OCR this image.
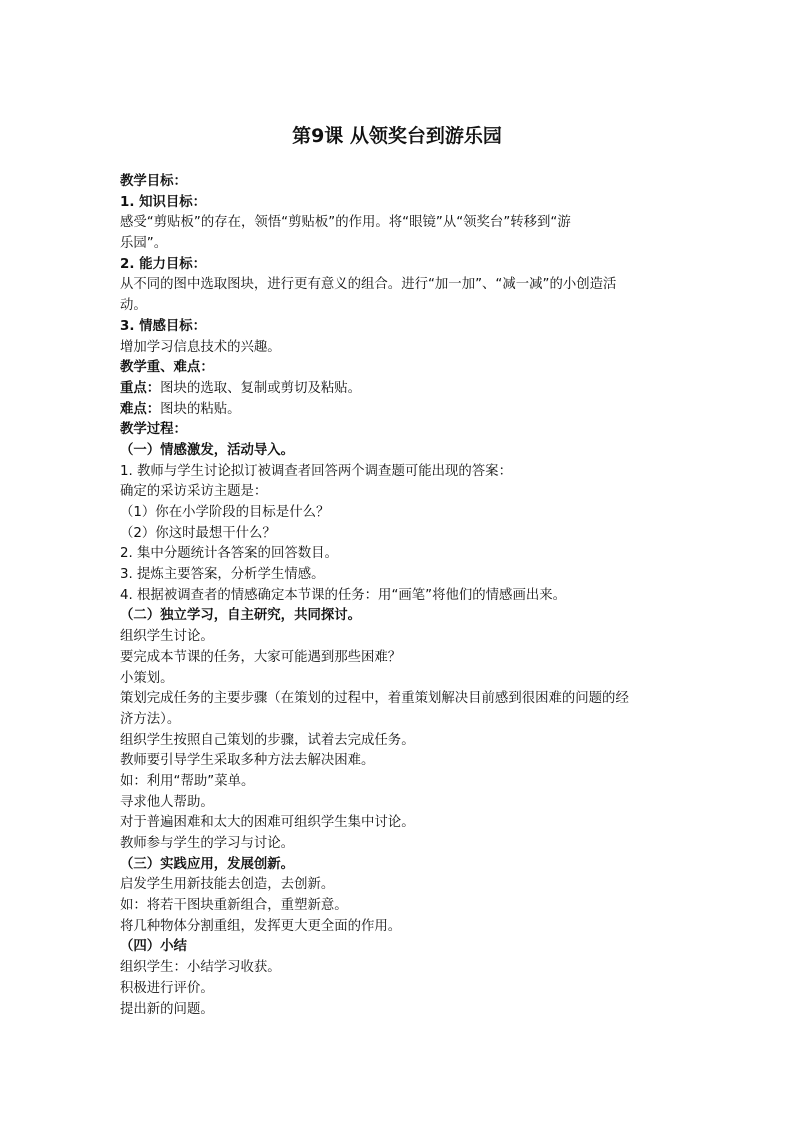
第9课 从领奖台到游乐园
教学目标：
1. 知识目标：
感受“剪贴板”的存在，领悟“剪贴板”的作用。将“眼镜”从“领奖台”转移到“游
乐园”。
2. 能力目标：
从不同的图中选取图块，进行更有意义的组合。进行“加一加”、“减一减”的小创造活
动。
3. 情感目标：
增加学习信息技术的兴趣。
教学重、难点：
重点：图块的选取、复制或剪切及粘贴。
难点：图块的粘贴。
教学过程：
（一）情感激发，活动导入。
1. 教师与学生讨论拟订被调查者回答两个调查题可能出现的答案：
确定的采访采访主题是：
（1）你在小学阶段的目标是什么？
（2）你这时最想干什么？
2. 集中分题统计各答案的回答数目。
3. 提炼主要答案，分析学生情感。
4. 根据被调查者的情感确定本节课的任务：用“画笔”将他们的情感画出来。
（二）独立学习，自主研究，共同探讨。
组织学生讨论。
要完成本节课的任务，大家可能遇到那些困难？
小策划。
策划完成任务的主要步骤（在策划的过程中，着重策划解决目前感到很困难的问题的经
济方法）。
组织学生按照自己策划的步骤，试着去完成任务。
教师要引导学生采取多种方法去解决困难。
如：利用“帮助”菜单。
寻求他人帮助。
对于普遍困难和太大的困难可组织学生集中讨论。
教师参与学生的学习与讨论。
（三）实践应用，发展创新。
启发学生用新技能去创造，去创新。
如：将若干图块重新组合，重塑新意。
将几种物体分割重组，发挥更大更全面的作用。
（四）小结
组织学生：小结学习收获。
积极进行评价。
提出新的问题。
